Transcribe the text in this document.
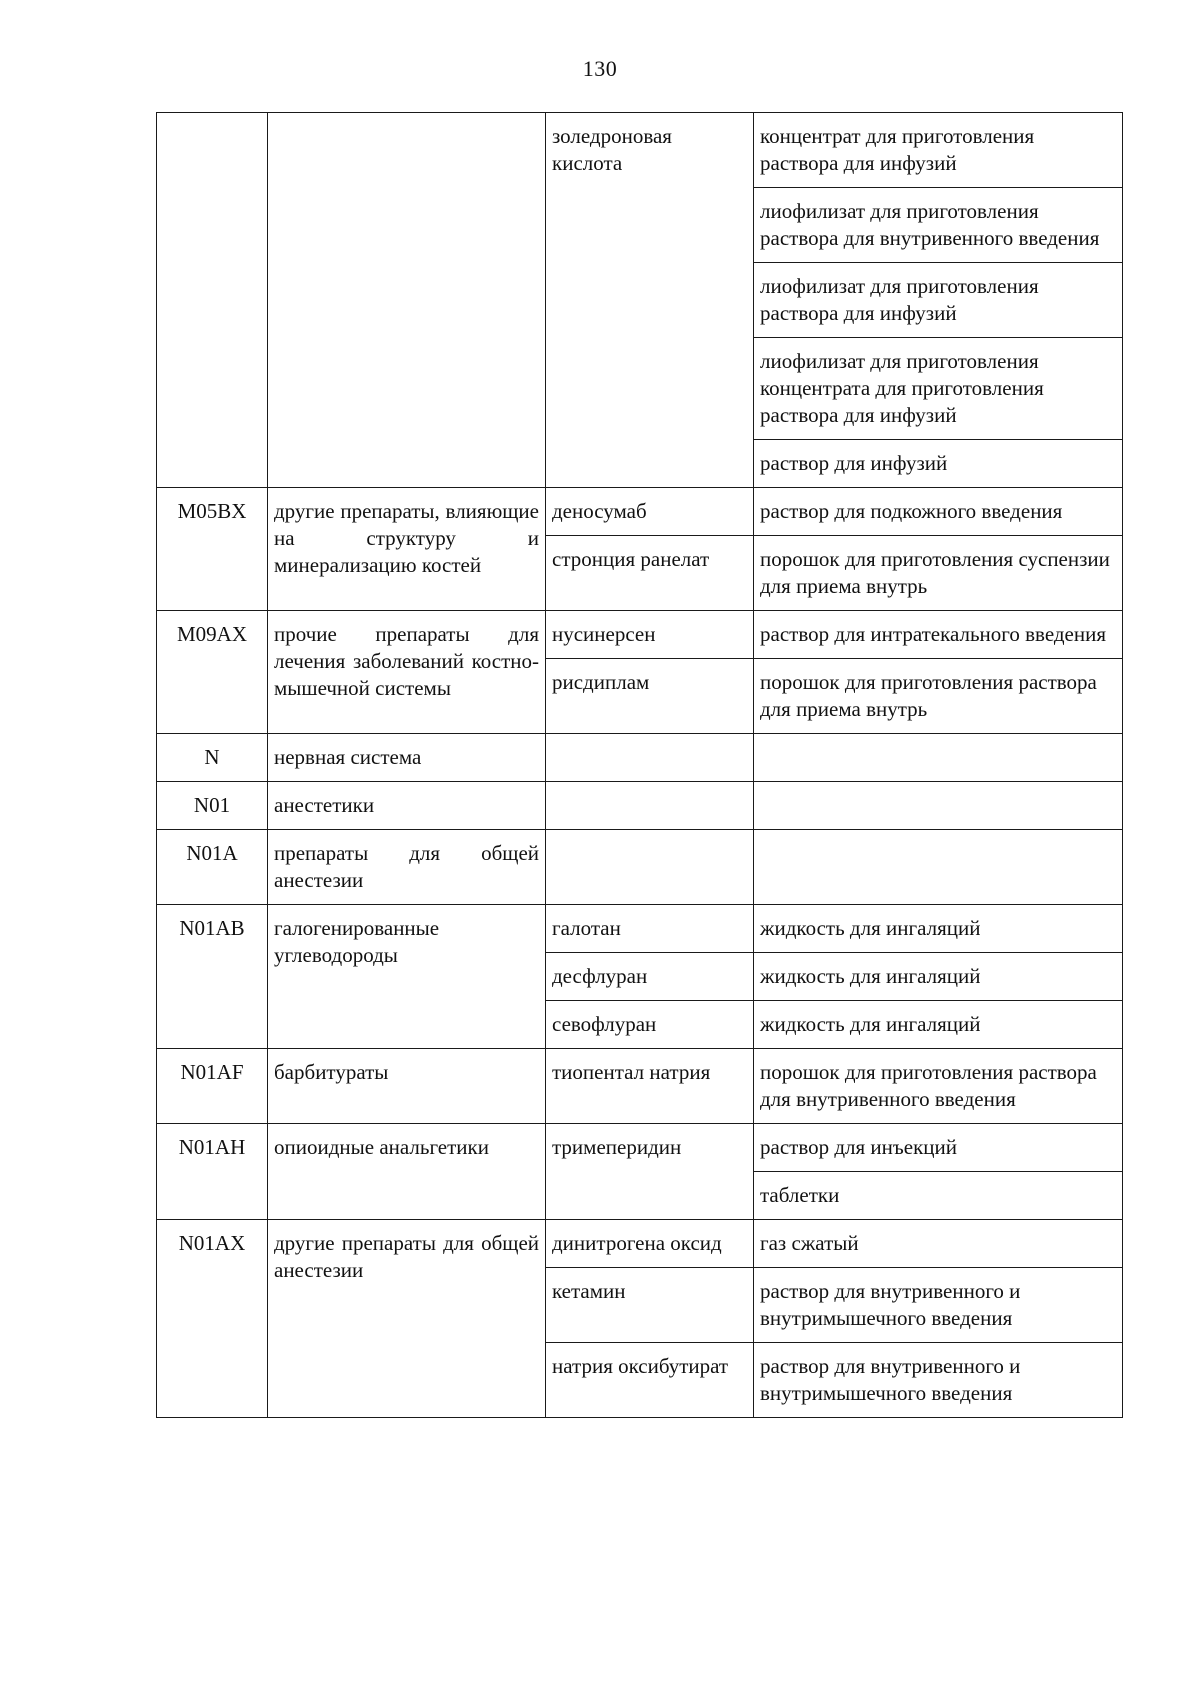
130
		золедроновая кислота	концентрат для приготовления раствора для инфузий
			лиофилизат для приготовления раствора для внутривенного введения
			лиофилизат для приготовления раствора для инфузий
			лиофилизат для приготовления концентрата для приготовления раствора для инфузий
			раствор для инфузий
M05BX	другие препараты, влияющие на структуру и минерализацию костей	деносумаб	раствор для подкожного введения
		стронция ранелат	порошок для приготовления суспензии для приема внутрь
M09AX	прочие препараты для лечения заболеваний костно-мышечной системы	нусинерсен	раствор для интратекального введения
		рисдиплам	порошок для приготовления раствора для приема внутрь
N	нервная система		
N01	анестетики		
N01A	препараты для общей анестезии		
N01AB	галогенированные углеводороды	галотан	жидкость для ингаляций
		десфлуран	жидкость для ингаляций
		севофлуран	жидкость для ингаляций
N01AF	барбитураты	тиопентал натрия	порошок для приготовления раствора для внутривенного введения
N01AH	опиоидные анальгетики	тримеперидин	раствор для инъекций
			таблетки
N01AX	другие препараты для общей анестезии	динитрогена оксид	газ сжатый
		кетамин	раствор для внутривенного и внутримышечного введения
		натрия оксибутират	раствор для внутривенного и внутримышечного введения
